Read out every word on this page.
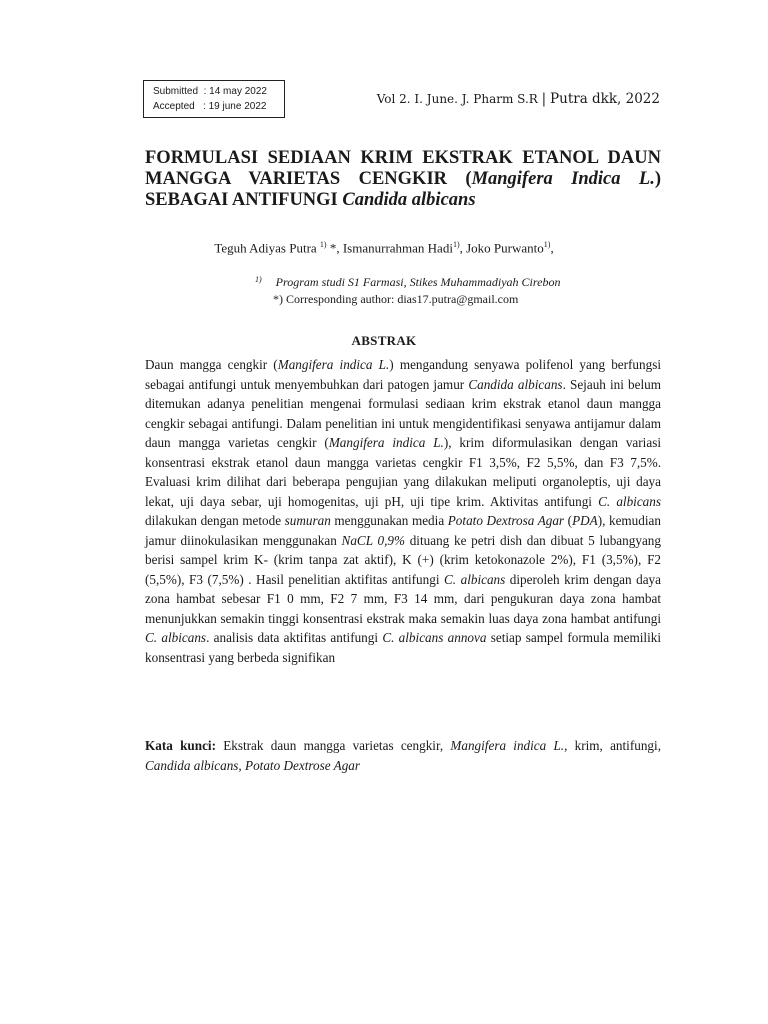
Submitted : 14 may 2022
Accepted : 19 june 2022
Vol 2. I. June. J. Pharm S.R | Putra dkk, 2022
FORMULASI SEDIAAN KRIM EKSTRAK ETANOL DAUN MANGGA VARIETAS CENGKIR (Mangifera Indica L.) SEBAGAI ANTIFUNGI Candida albicans
Teguh Adiyas Putra $^{1)}$ *, Ismanurrahman Hadi$^{1)}$, Joko Purwanto$^{1)}$,
$^{1)}$ Program studi S1 Farmasi, Stikes Muhammadiyah Cirebon
*) Corresponding author: dias17.putra@gmail.com
ABSTRAK

Daun mangga cengkir (Mangifera indica L.) mengandung senyawa polifenol yang berfungsi sebagai antifungi untuk menyembuhkan dari patogen jamur Candida albicans. Sejauh ini belum ditemukan adanya penelitian mengenai formulasi sediaan krim ekstrak etanol daun mangga cengkir sebagai antifungi. Dalam penelitian ini untuk mengidentifikasi senyawa antijamur dalam daun mangga varietas cengkir (Mangifera indica L.), krim diformulasikan dengan variasi konsentrasi ekstrak etanol daun mangga varietas cengkir F1 3,5%, F2 5,5%, dan F3 7,5%. Evaluasi krim dilihat dari beberapa pengujian yang dilakukan meliputi organoleptis, uji daya lekat, uji daya sebar, uji homogenitas, uji pH, uji tipe krim. Aktivitas antifungi C. albicans dilakukan dengan metode sumuran menggunakan media Potato Dextrosa Agar (PDA), kemudian jamur diinokulasikan menggunakan NaCL 0,9% dituang ke petri dish dan dibuat 5 lubangyang berisi sampel krim K- (krim tanpa zat aktif), K (+) (krim ketokonazole 2%), F1 (3,5%), F2 (5,5%), F3 (7,5%) . Hasil penelitian aktifitas antifungi C. albicans diperoleh krim dengan daya zona hambat sebesar F1 0 mm, F2 7 mm, F3 14 mm, dari pengukuran daya zona hambat menunjukkan semakin tinggi konsentrasi ekstrak maka semakin luas daya zona hambat antifungi C. albicans. analisis data aktifitas antifungi C. albicans annova setiap sampel formula memiliki konsentrasi yang berbeda signifikan

Kata kunci: Ekstrak daun mangga varietas cengkir, Mangifera indica L., krim, antifungi, Candida albicans, Potato Dextrose Agar
